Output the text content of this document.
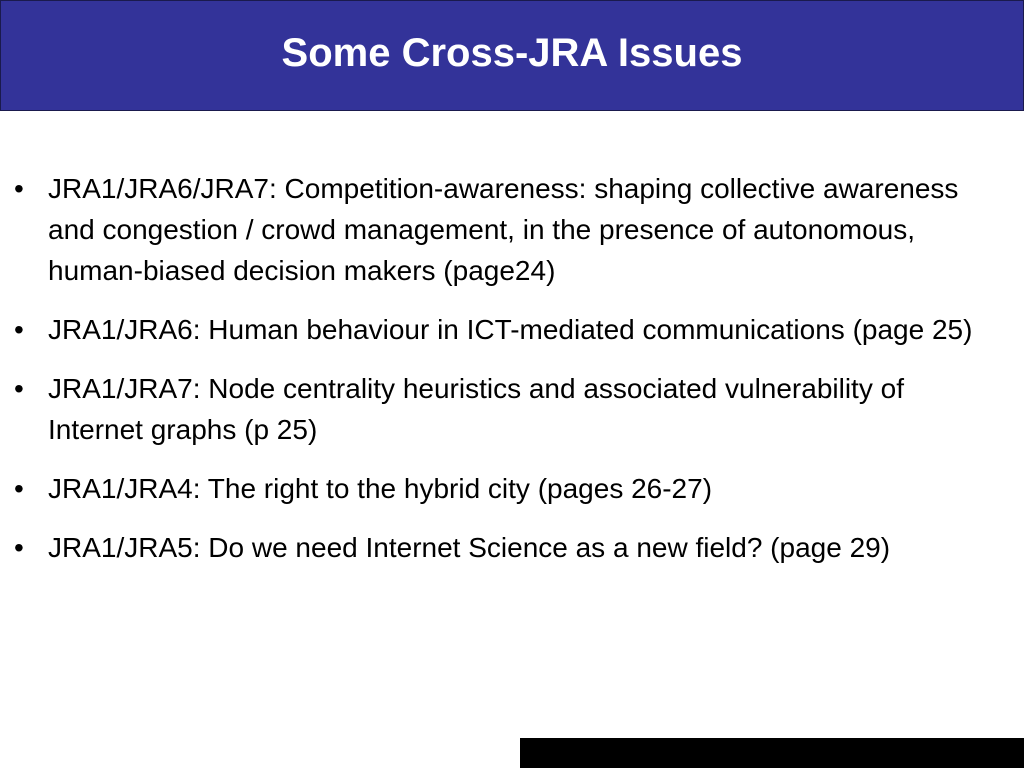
Some Cross-JRA Issues
• JRA1/JRA6/JRA7: Competition-awareness: shaping collective awareness and congestion / crowd management, in the presence of autonomous, human-biased decision makers (page24)
• JRA1/JRA6: Human behaviour in ICT-mediated communications (page 25)
• JRA1/JRA7: Node centrality heuristics and associated vulnerability of Internet graphs (p 25)
• JRA1/JRA4: The right to the hybrid city (pages 26-27)
• JRA1/JRA5: Do we need Internet Science as a new field? (page 29)
